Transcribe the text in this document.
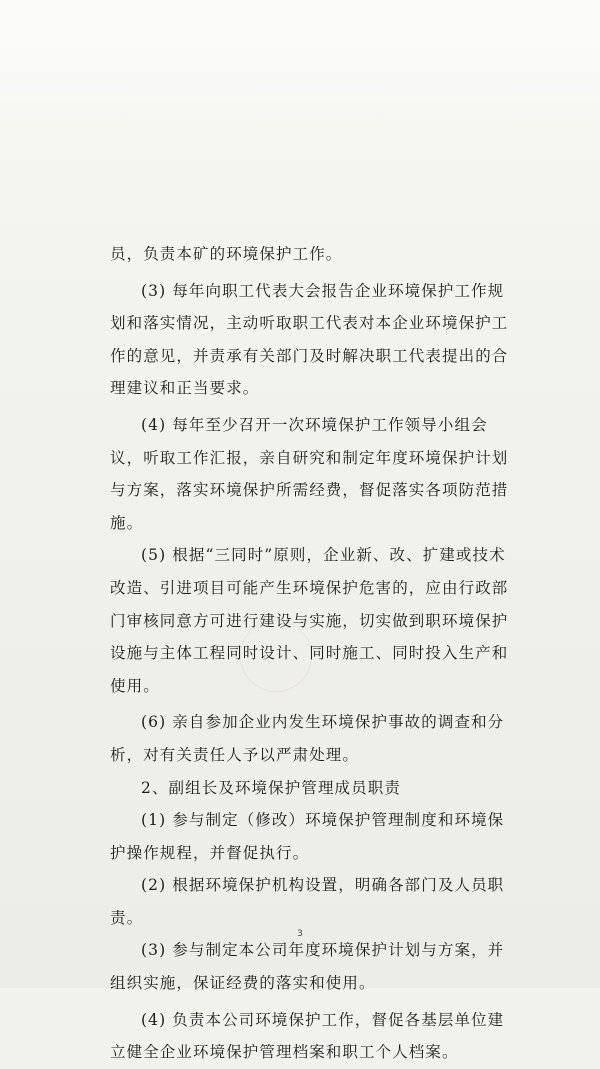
员，负责本矿的环境保护工作。

(3) 每年向职工代表大会报告企业环境保护工作规划和落实情况，主动听取职工代表对本企业环境保护工作的意见，并责承有关部门及时解决职工代表提出的合理建议和正当要求。

(4) 每年至少召开一次环境保护工作领导小组会议，听取工作汇报，亲自研究和制定年度环境保护计划与方案，落实环境保护所需经费，督促落实各项防范措施。

(5) 根据“三同时”原则，企业新、改、扩建或技术改造、引进项目可能产生环境保护危害的，应由行政部门审核同意方可进行建设与实施，切实做到职环境保护设施与主体工程同时设计、同时施工、同时投入生产和使用。

(6) 亲自参加企业内发生环境保护事故的调查和分析，对有关责任人予以严肃处理。

2、副组长及环境保护管理成员职责

(1) 参与制定（修改）环境保护管理制度和环境保护操作规程，并督促执行。

(2) 根据环境保护机构设置，明确各部门及人员职责。

(3) 参与制定本公司年度环境保护计划与方案，并组织实施，保证经费的落实和使用。

(4) 负责本公司环境保护工作，督促各基层单位建立健全企业环境保护管理档案和职工个人档案。

3
